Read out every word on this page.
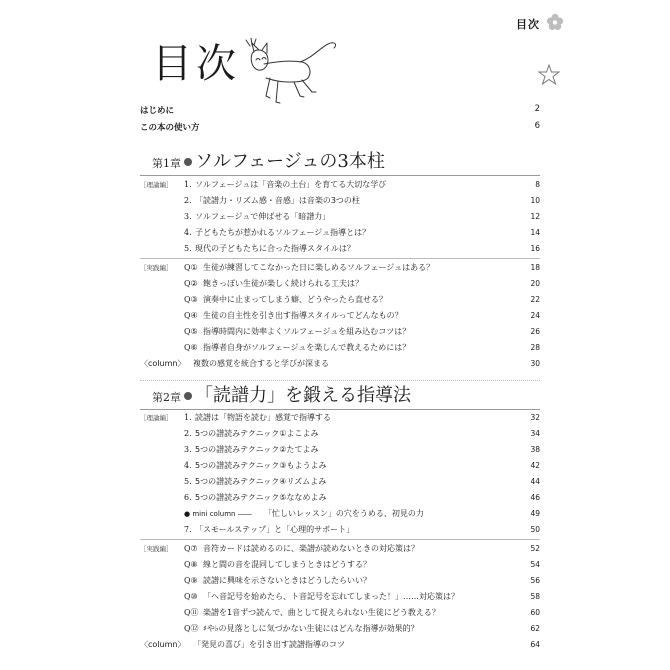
目次
目次
はじめに	2
この本の使い方	6
第1章 ソルフェージュの3本柱
［理論編］ 1. ソルフェージュは「音楽の土台」を育てる大切な学び	8
2. 「読譜力・リズム感・音感」は音楽の3つの柱	10
3. ソルフェージュで伸ばせる「暗譜力」	12
4. 子どもたちが惹かれるソルフェージュ指導とは？	14
5. 現代の子どもたちに合った指導スタイルは？	16
［実践編］ Q① 生徒が練習してこなかった日に楽しめるソルフェージュはある？	18
Q② 飽きっぽい生徒が楽しく続けられる工夫は？	20
Q③ 演奏中に止まってしまう癖、どうやったら直せる？	22
Q④ 生徒の自主性を引き出す指導スタイルってどんなもの？	24
Q⑤ 指導時間内に効率よくソルフェージュを組み込むコツは？	26
Q⑥ 指導者自身がソルフェージュを楽しんで教えるためには？	28
〈column〉 複数の感覚を統合すると学びが深まる	30
第2章 「読譜力」を鍛える指導法
［理論編］ 1. 読譜は「物語を読む」感覚で指導する	32
2. 5つの譜読みテクニック①よこよみ	34
3. 5つの譜読みテクニック②たてよみ	38
4. 5つの譜読みテクニック③もようよみ	42
5. 5つの譜読みテクニック④リズムよみ	44
6. 5つの譜読みテクニック⑤ななめよみ	46
● mini column ―― 「忙しいレッスン」の穴をうめる、初見の力	49
7. 「スモールステップ」と「心理的サポート」	50
［実践編］ Q⑦ 音符カードは読めるのに、楽譜が読めないときの対応策は？	52
Q⑧ 線と間の音を混同してしまうときはどうする？	54
Q⑨ 読譜に興味を示さないときはどうしたらいい？	56
Q⑩ 「ヘ音記号を始めたら、ト音記号を忘れてしまった！」……対応策は？	58
Q⑪ 楽譜を1音ずつ読んで、曲として捉えられない生徒にどう教える？	60
Q⑫ ♯や♭の見落としに気づかない生徒にはどんな指導が効果的？	62
〈column〉 「発見の喜び」を引き出す読譜指導のコツ	64
